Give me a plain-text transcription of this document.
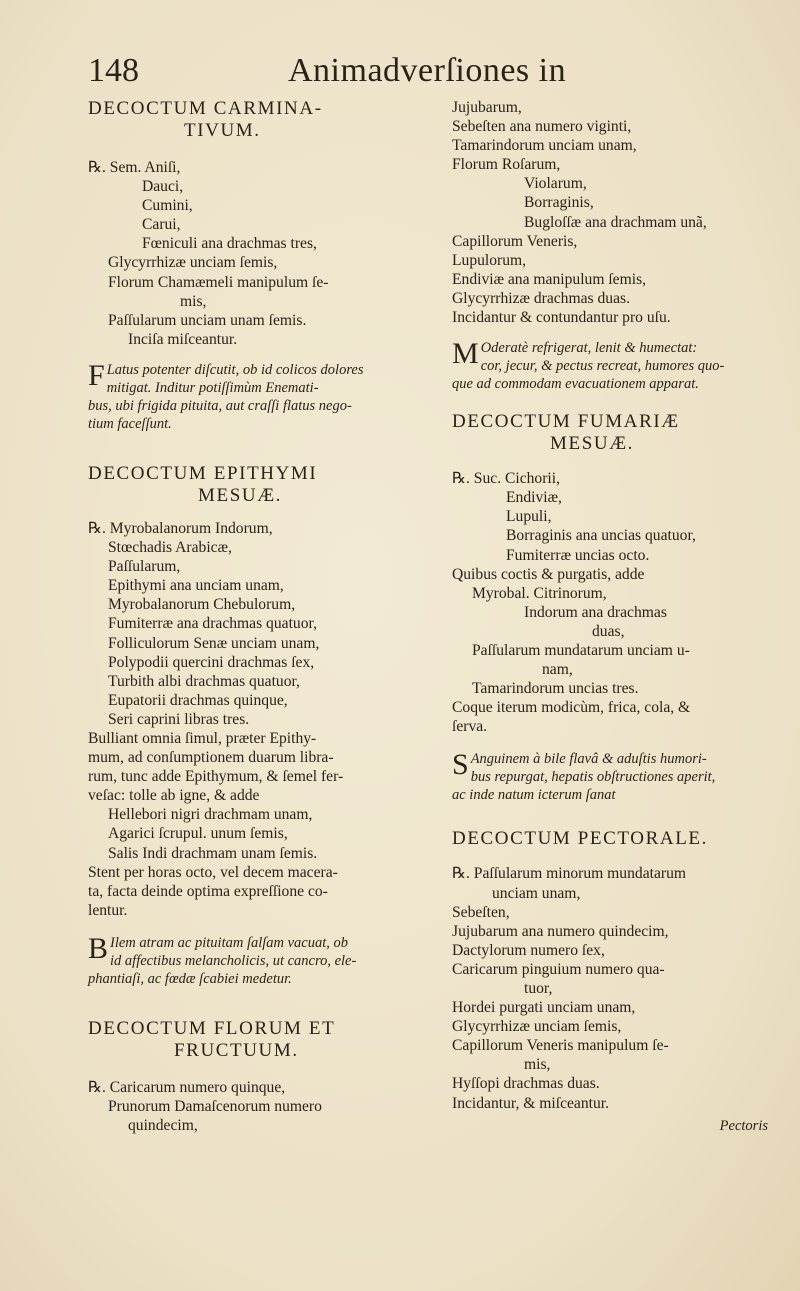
148	Animadverſiones in
DECOCTUM CARMINA-
TIVUM.
℞. Sem. Aniſi,
Dauci,
Cumini,
Carui,
Fœniculi ana drachmas tres,
Glycyrrhizæ unciam ſemis,
Florum Chamæmeli manipulum ſe-
mis,
Paſſularum unciam unam ſemis.
Inciſa miſceantur.
F Latus potenter diſcutit, ob id colicos dolores
mitigat. Inditur potiſſimùm Enemati-
bus, ubi frigida pituita, aut craſſi flatus nego-
tium faceſſunt.
DECOCTUM EPITHYMI
MESUÆ.
℞. Myrobalanorum Indorum,
Stœchadis Arabicæ,
Paſſularum,
Epithymi ana unciam unam,
Myrobalanorum Chebulorum,
Fumiterræ ana drachmas quatuor,
Folliculorum Senæ unciam unam,
Polypodii quercini drachmas ſex,
Turbith albi drachmas quatuor,
Eupatorii drachmas quinque,
Seri caprini libras tres.
Bulliant omnia ſimul, præter Epithy-
mum, ad conſumptionem duarum libra-
rum, tunc adde Epithymum, & ſemel fer-
veſac: tolle ab igne, & adde
Hellebori nigri drachmam unam,
Agarici ſcrupul. unum ſemis,
Salis Indi drachmam unam ſemis.
Stent per horas octo, vel decem macera-
ta, facta deinde optima expreſſione co-
lentur.
B Ilem atram ac pituitam ſalſam vacuat, ob
id affectibus melancholicis, ut cancro, ele-
phantiaſi, ac fœdæ ſcabiei medetur.
DECOCTUM FLORUM ET
FRUCTUUM.
℞. Caricarum numero quinque,
Prunorum Damaſcenorum numero
quindecim,
Jujubarum,
Sebeſten ana numero viginti,
Tamarindorum unciam unam,
Florum Roſarum,
Violarum,
Borraginis,
Bugloſſæ ana drachmam unã,
Capillorum Veneris,
Lupulorum,
Endiviæ ana manipulum ſemis,
Glycyrrhizæ drachmas duas.
Incidantur & contundantur pro uſu.
M Oderatè refrigerat, lenit & humectat:
cor, jecur, & pectus recreat, humores quo-
que ad commodam evacuationem apparat.
DECOCTUM FUMARIÆ
MESUÆ.
℞. Suc. Cichorii,
Endiviæ,
Lupuli,
Borraginis ana uncias quatuor,
Fumiterræ uncias octo.
Quibus coctis & purgatis, adde
Myrobal. Citrinorum,
Indorum ana drachmas
duas,
Paſſularum mundatarum unciam u-
nam,
Tamarindorum uncias tres.
Coque iterum modicùm, frica, cola, &
ſerva.
S Anguinem à bile flavâ & aduſtis humori-
bus repurgat, hepatis obſtructiones aperit,
ac inde natum icterum ſanat
DECOCTUM PECTORALE.
℞. Paſſularum minorum mundatarum
unciam unam,
Sebeſten,
Jujubarum ana numero quindecim,
Dactylorum numero ſex,
Caricarum pinguium numero qua-
tuor,
Hordei purgati unciam unam,
Glycyrrhizæ unciam ſemis,
Capillorum Veneris manipulum ſe-
mis,
Hyſſopi drachmas duas.
Incidantur, & miſceantur.
Pectoris
